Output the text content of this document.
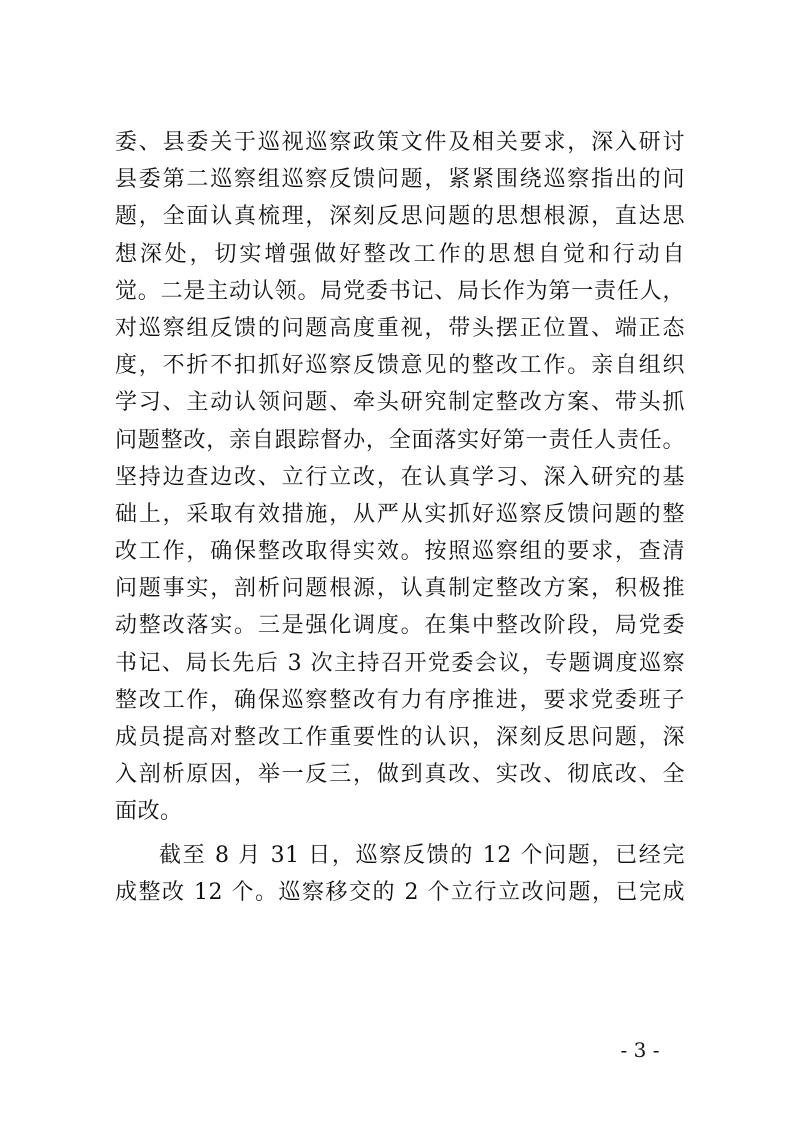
委、县委关于巡视巡察政策文件及相关要求，深入研讨
县委第二巡察组巡察反馈问题，紧紧围绕巡察指出的问
题，全面认真梳理，深刻反思问题的思想根源，直达思
想深处，切实增强做好整改工作的思想自觉和行动自
觉。二是主动认领。局党委书记、局长作为第一责任人，
对巡察组反馈的问题高度重视，带头摆正位置、端正态
度，不折不扣抓好巡察反馈意见的整改工作。亲自组织
学习、主动认领问题、牵头研究制定整改方案、带头抓
问题整改，亲自跟踪督办，全面落实好第一责任人责任。
坚持边查边改、立行立改，在认真学习、深入研究的基
础上，采取有效措施，从严从实抓好巡察反馈问题的整
改工作，确保整改取得实效。按照巡察组的要求，查清
问题事实，剖析问题根源，认真制定整改方案，积极推
动整改落实。三是强化调度。在集中整改阶段，局党委
书记、局长先后 3 次主持召开党委会议，专题调度巡察
整改工作，确保巡察整改有力有序推进，要求党委班子
成员提高对整改工作重要性的认识，深刻反思问题，深
入剖析原因，举一反三，做到真改、实改、彻底改、全
面改。
截至 8 月 31 日，巡察反馈的 12 个问题，已经完
成整改 12 个。巡察移交的 2 个立行立改问题，已完成
- 3 -
